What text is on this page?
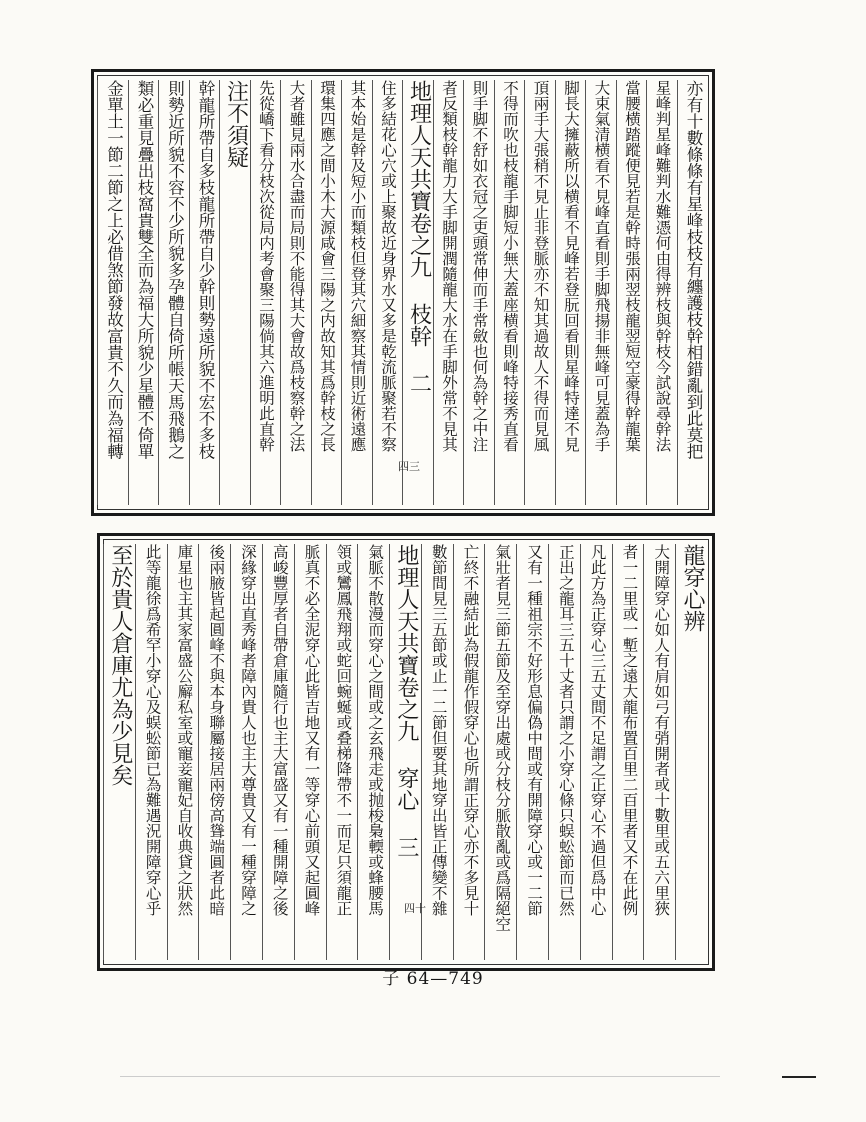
亦有十數條條有星峰枝枝有纏護枝幹相錯亂到此莫把
星峰判星峰難判水難憑何由得辨枝與幹枝今試說尋幹法
當腰横踏蹤便見若是幹時張兩翌枝龍翌短空豪得幹龍葉
大束氣清横看不見峰直看則手脚飛揚非無峰可見蓋為手
脚長大擁蔽所以横看不見峰若登朊回看則星峰特達不見
頂兩手大張稍不見止非登脈亦不知其過故人不得而見風
不得而吹也枝龍手脚短小無大蓋座横看則峰特接秀直看
則手脚不舒如衣冠之吏頭常伸而手常斂也何為幹之中注
者反類枝幹龍力大手脚開潤隨龍大水在手脚外常不見其
地理人天共寶卷之九 枝幹 二
住多結花心穴或上聚故近身界水又多是乾流脈聚若不察
其本始是幹及短小而類枝但登其穴細察其情則近術遠應
環集四應之間小木大源咸會三陽之内故知其爲幹枝之長
大者雖見兩水合盡而局則不能得其大會故爲枝察幹之法
先從嶠下看分枝次從局内考會聚三陽倘其六進明此直幹
注不須疑
幹龍所帶自多枝龍所帶自少幹則勢遠所貌不宏不多枝
則勢近所貌不容不少所貌多孕體自倚所帳天馬飛鵝之
類必重見疊出枝窩貴雙全而為福大所貌少星體不倚單
金單土一節二節之上必借煞節發故富貴不久而為福轉
龍穿心辨
大開障穿心如人有肩如弓有弰開者或十數里或五六里狹
者一二里或一塹之遠大龍布置百里二百里者又不在此例
凡此方為正穿心三五丈間不足謂之正穿心不過但爲中心
正出之龍耳三五十丈者只謂之小穿心條只蜈蚣節而已然
又有一種祖宗不好形息偏偽中間或有開障穿心或一二節
氣壯者見三節五節及至穿出處或分枝分脈散亂或爲隔絕空
亡終不融結此為假龍作假穿心也所謂正穿心亦不多見十
數節間見三五節或止一二節但要其地穿出皆正傳變不雜
地理人天共寶卷之九 穿心 三
氣脈不散漫而穿心之間或之玄飛走或抛梭梟輭或蜂腰馬
領或鸞鳳飛翔或蛇回蜿蜒或叠梯降帶不一而足只須龍正
脈真不必全泥穿心此皆吉地又有一等穿心前頭又起圓峰
高峻豐厚者自帶倉庫隨行也主大富盛又有一種開障之後
深緣穿出直秀峰者障內貴人也主大尊貴又有一種穿障之
後兩腋皆起圓峰不與本身聯屬接居兩傍高聳端圓者此暗
庫星也主其家富盛公廨私室或寵妾寵妃自收典貸之狀然
此等龍徐爲希罕小穿心及蜈蚣節已為難遇況開障穿心乎
至於貴人倉庫尤為少見矣
四三
四十
子 64—749
